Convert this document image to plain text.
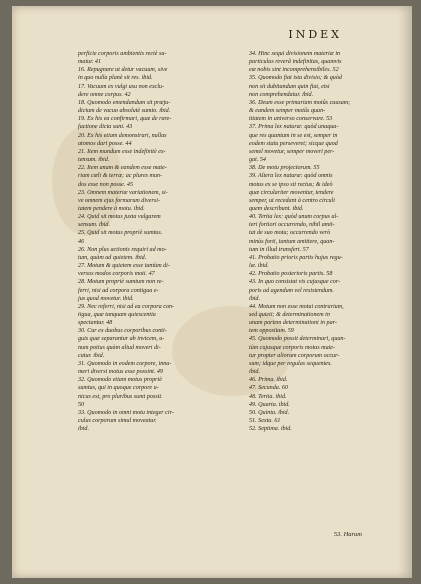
INDEX
perficie corporis ambientis rectè su-
matur. 41
16. Repugnare ut detur vacuum, sive
in quo nulla planè sit res. ibid.
17. Vacuum ex vulgi usu non exclu-
dere omne corpus. 42
18. Quomodo emendandum sit præju-
dicium de vacuo absolutè sumto. ibid.
19. Ex his ea confirmari, quæ de rare-
factione dicta sunt. 43
20. Ex his etiam demonstrari, nullas
atomos dari posse. 44
21. Item mundum esse indefinitè ex-
tensum. ibid.
22. Item unam & eandem esse mate-
riam cœli & terræ; ac plures mun-
dos esse non posse. 45
23. Omnem materiæ variationem, si-
ve omnem ejus formarum diversi-
tatem pendere à motu. ibid.
24. Quid sit motus juxta vulgarem
sensum. ibid.
25. Quid sit motus propriè sumtus.
46
26. Non plus actionis requiri ad mo-
tum, quàm ad quietem. ibid.
27. Motum & quietem esse tantùm di-
versos modos corporis moti. 47
28. Motum propriè sumtum non re-
ferri, nisi ad corpora contigua e-
jus quod movetur. ibid.
29. Nec referri, nisi ad ea corpora con-
tigua, quæ tanquam quiescentia
spectantur. 48
30. Cur ex duobus corporibus conti-
guis quæ separantur ab invicem, u-
num potius quàm aliud moveri di-
catur. ibid.
31. Quomodo in eodem corpore, innu-
meri diversi motus esse possint. 49
32. Quomodo etiam motus propriè
sumtus, qui in quoque corpore u-
nicus est, pro pluribus sumi possit.
50
33. Quomodo in omni motu integer cir-
culus corporum simul moveatur.
ibid.
34. Hinc sequi divisionem materiæ in
particulas reverâ indefinitas, quamvis
eæ nobis sint incomprehensibiles. 52
35. Quomodo fiat ista divisio; & quòd
non sit dubitandum quin fiat, etsi
non comprehendatur. ibid.
36. Deum esse primariam motûs causam;
& eandem semper motûs quan-
titatem in universo conservare. 53
37. Prima lex naturæ: quòd unaqua-
que res quantum in se est, semper in
eodem statu perseveret; sicque quod
semel movetur, semper moveri per-
gat. 54
38. De motu projectorum. 55
39. Altera lex naturæ: quòd omnis
motus ex se ipso sit rectus; & ideò
quæ circulariter moventur, tendere
semper, ut recedant à centro circuli
quem describunt. ibid.
40. Tertia lex: quòd unum corpus al-
teri fortiori occurrendo, nihil amit-
tat de suo motu; occurrendo verò
minùs forti, tantum amittere, quan-
tum in illud transfert. 57
41. Probatio prioris partis hujus regu-
læ. ibid.
42. Probatio posterioris partis. 58
43. In quo consistat vis cujusque cor-
poris ad agendum vel resistendum.
ibid.
44. Motum non esse motui contrarium,
sed quieti; & determinationem in
unam partem determinationi in par-
tem oppositam. 59
45. Quomodo possit determinari, quan-
tùm cujusque corporis motus mute-
tur propter aliorum corporum occur-
sum; idque per regulas sequentes.
ibid.
46. Prima. ibid.
47. Secunda. 60
48. Tertia. ibid.
49. Quarta. ibid.
50. Quinta. ibid.
51. Sexta. 61
52. Septima. ibid.
53. Harum
